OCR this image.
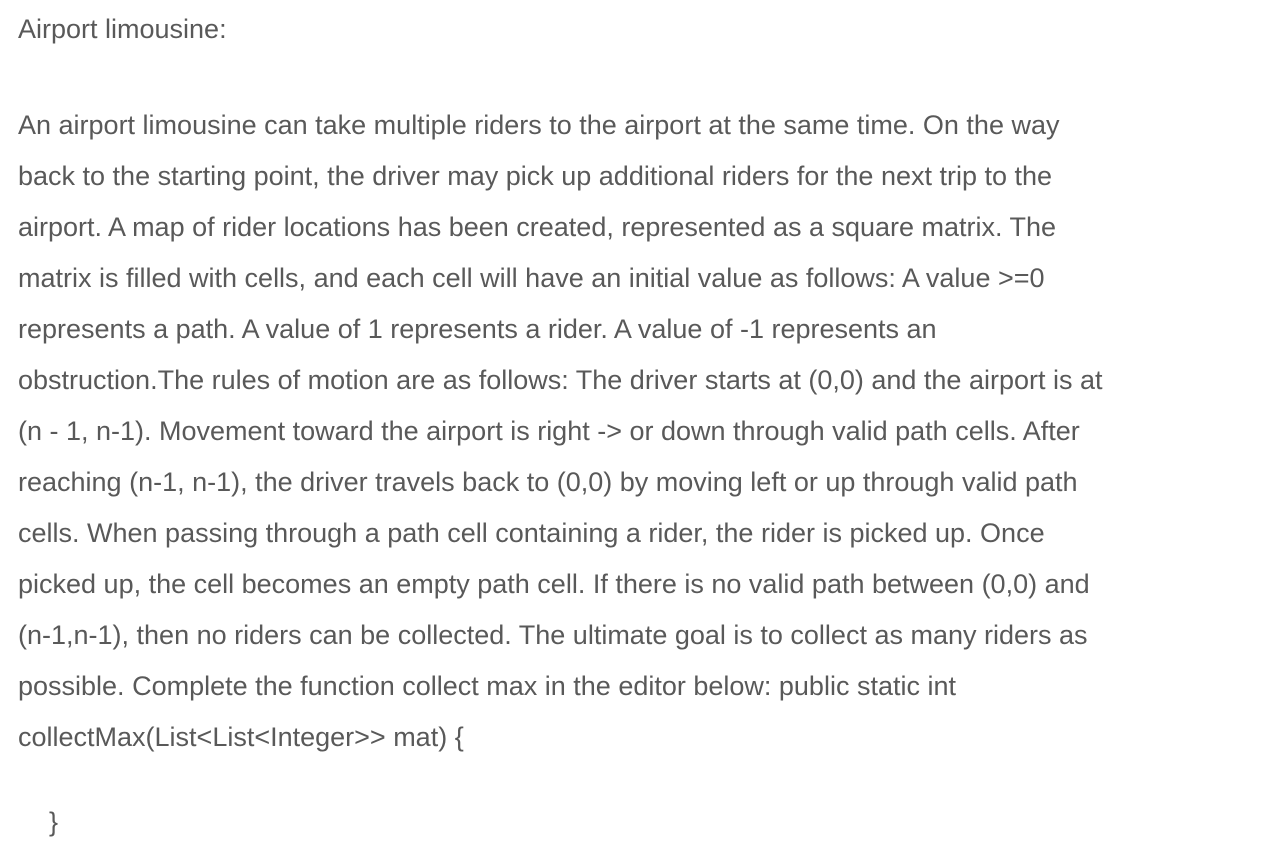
Airport limousine:
An airport limousine can take multiple riders to the airport at the same time. On the way
back to the starting point, the driver may pick up additional riders for the next trip to the
airport. A map of rider locations has been created, represented as a square matrix. The
matrix is filled with cells, and each cell will have an initial value as follows: A value >=0
represents a path. A value of 1 represents a rider. A value of -1 represents an
obstruction.The rules of motion are as follows: The driver starts at (0,0) and the airport is at
(n - 1, n-1). Movement toward the airport is right -> or down through valid path cells. After
reaching (n-1, n-1), the driver travels back to (0,0) by moving left or up through valid path
cells. When passing through a path cell containing a rider, the rider is picked up. Once
picked up, the cell becomes an empty path cell. If there is no valid path between (0,0) and
(n-1,n-1), then no riders can be collected. The ultimate goal is to collect as many riders as
possible. Complete the function collect max in the editor below: public static int
collectMax(List<List<Integer>> mat) {
}
